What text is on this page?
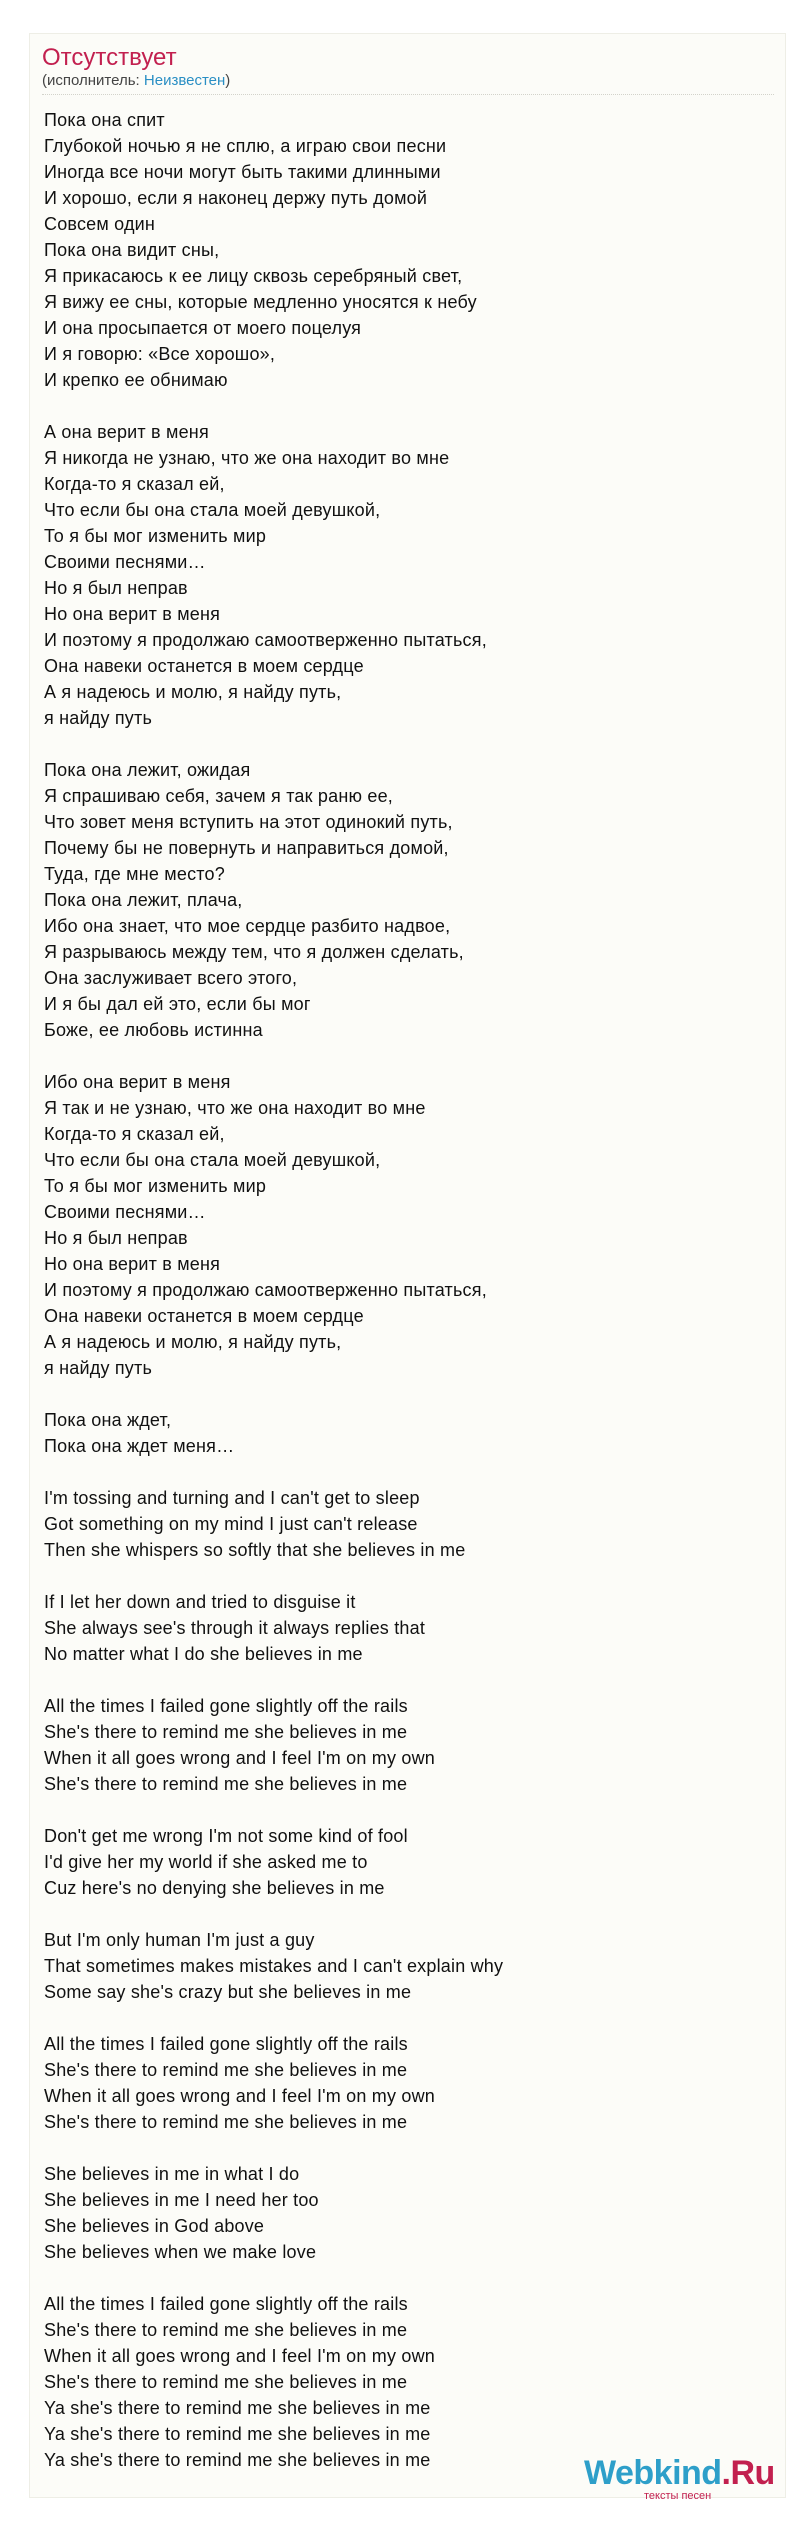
Отсутствует
(исполнитель: Неизвестен)
Пока она спит
Глубокой ночью я не сплю, а играю свои песни
Иногда все ночи могут быть такими длинными
И хорошо, если я наконец держу путь домой
Совсем один
Пока она видит сны,
Я прикасаюсь к ее лицу сквозь серебряный свет,
Я вижу ее сны, которые медленно уносятся к небу
И она просыпается от моего поцелуя
И я говорю: «Все хорошо»,
И крепко ее обнимаю
А она верит в меня
Я никогда не узнаю, что же она находит во мне
Когда-то я сказал ей,
Что если бы она стала моей девушкой,
То я бы мог изменить мир
Своими песнями…
Но я был неправ
Но она верит в меня
И поэтому я продолжаю самоотверженно пытаться,
Она навеки останется в моем сердце
А я надеюсь и молю, я найду путь,
я найду путь
Пока она лежит, ожидая
Я спрашиваю себя, зачем я так раню ее,
Что зовет меня вступить на этот одинокий путь,
Почему бы не повернуть и направиться домой,
Туда, где мне место?
Пока она лежит, плача,
Ибо она знает, что мое сердце разбито надвое,
Я разрываюсь между тем, что я должен сделать,
Она заслуживает всего этого,
И я бы дал ей это, если бы мог
Боже, ее любовь истинна
Ибо она верит в меня
Я так и не узнаю, что же она находит во мне
Когда-то я сказал ей,
Что если бы она стала моей девушкой,
То я бы мог изменить мир
Своими песнями…
Но я был неправ
Но она верит в меня
И поэтому я продолжаю самоотверженно пытаться,
Она навеки останется в моем сердце
А я надеюсь и молю, я найду путь,
я найду путь
Пока она ждет,
Пока она ждет меня…
I'm tossing and turning and I can't get to sleep
Got something on my mind I just can't release
Then she whispers so softly that she believes in me
If I let her down and tried to disguise it
She always see's through it always replies that
No matter what I do she believes in me
All the times I failed gone slightly off the rails
She's there to remind me she believes in me
When it all goes wrong and I feel I'm on my own
She's there to remind me she believes in me
Don't get me wrong I'm not some kind of fool
I'd give her my world if she asked me to
Cuz here's no denying she believes in me
But I'm only human I'm just a guy
That sometimes makes mistakes and I can't explain why
Some say she's crazy but she believes in me
All the times I failed gone slightly off the rails
She's there to remind me she believes in me
When it all goes wrong and I feel I'm on my own
She's there to remind me she believes in me
She believes in me in what I do
She believes in me I need her too
She believes in God above
She believes when we make love
All the times I failed gone slightly off the rails
She's there to remind me she believes in me
When it all goes wrong and I feel I'm on my own
She's there to remind me she believes in me
Ya she's there to remind me she believes in me
Ya she's there to remind me she believes in me
Ya she's there to remind me she believes in me	Webkind.Ru
тексты песен
